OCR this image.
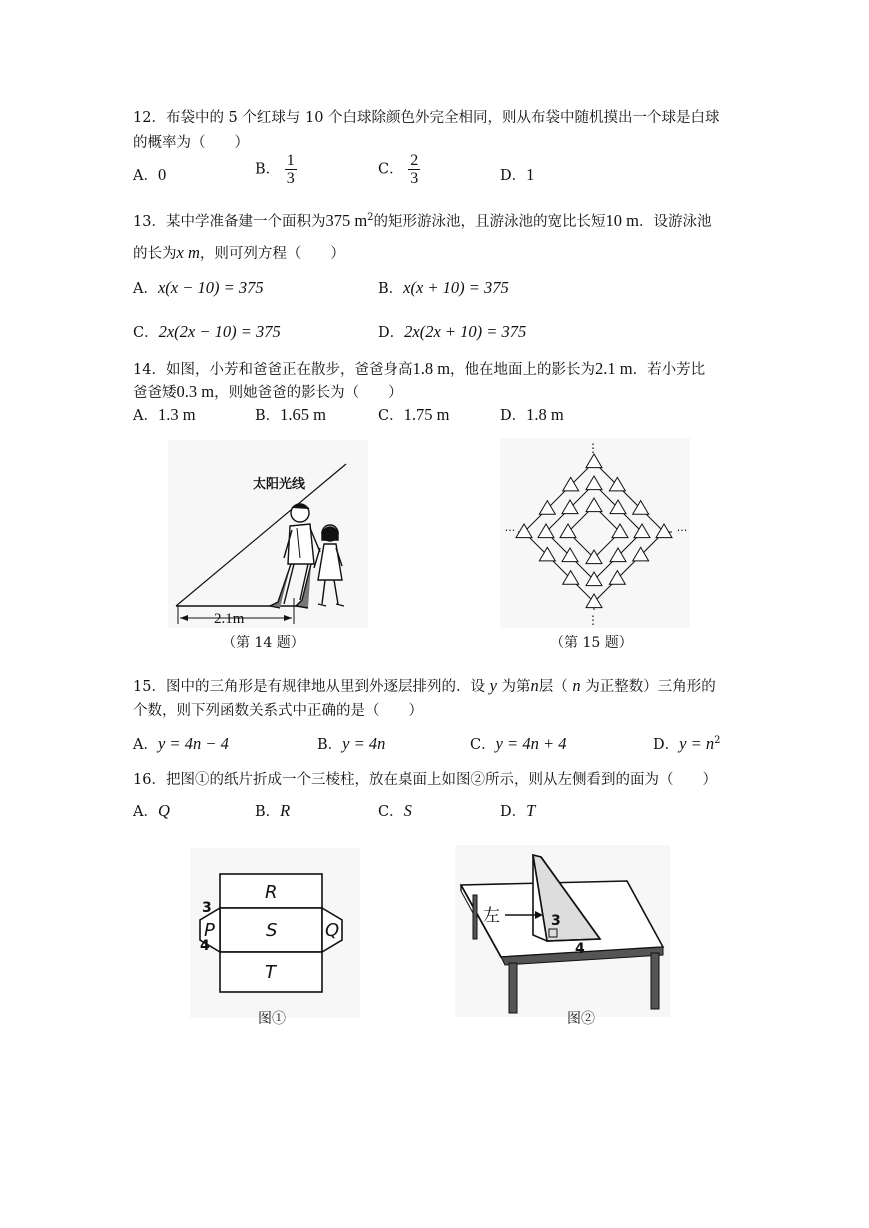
12．布袋中的 5 个红球与 10 个白球除颜色外完全相同，则从布袋中随机摸出一个球是白球
的概率为（　　）
A．0	B． $\frac{1}{3}$	C． $\frac{2}{3}$	D．1
13．某中学准备建一个面积为375 $m^2$的矩形游泳池，且游泳池的宽比长短10 m．设游泳池
的长为x m，则可列方程（　　）
A．x(x − 10) = 375	B．x(x + 10) = 375
C．2x(2x − 10) = 375	D．2x(2x + 10) = 375
14．如图，小芳和爸爸正在散步，爸爸身高1.8 m，他在地面上的影长为2.1 m．若小芳比
爸爸矮0.3 m，则她爸爸的影长为（　　）
A．1.3 m	B．1.65 m	C．1.75 m	D．1.8 m
2.1m
太阳光线
（第 14 题）
⋮
⋮
···	···
（第 15 题）
15．图中的三角形是有规律地从里到外逐层排列的．设 y 为第n层（ n 为正整数）三角形的
个数，则下列函数关系式中正确的是（　　）
A．y = 4n − 4	B．y = 4n	C．y = 4n + 4	D．$y = n^2$
16．把图①的纸片折成一个三棱柱，放在桌面上如图②所示，则从左侧看到的面为（　　）
A．Q	B．R	C．S	D．T
R
S
T
P	Q
3
4
图①
左	3
4
图②
